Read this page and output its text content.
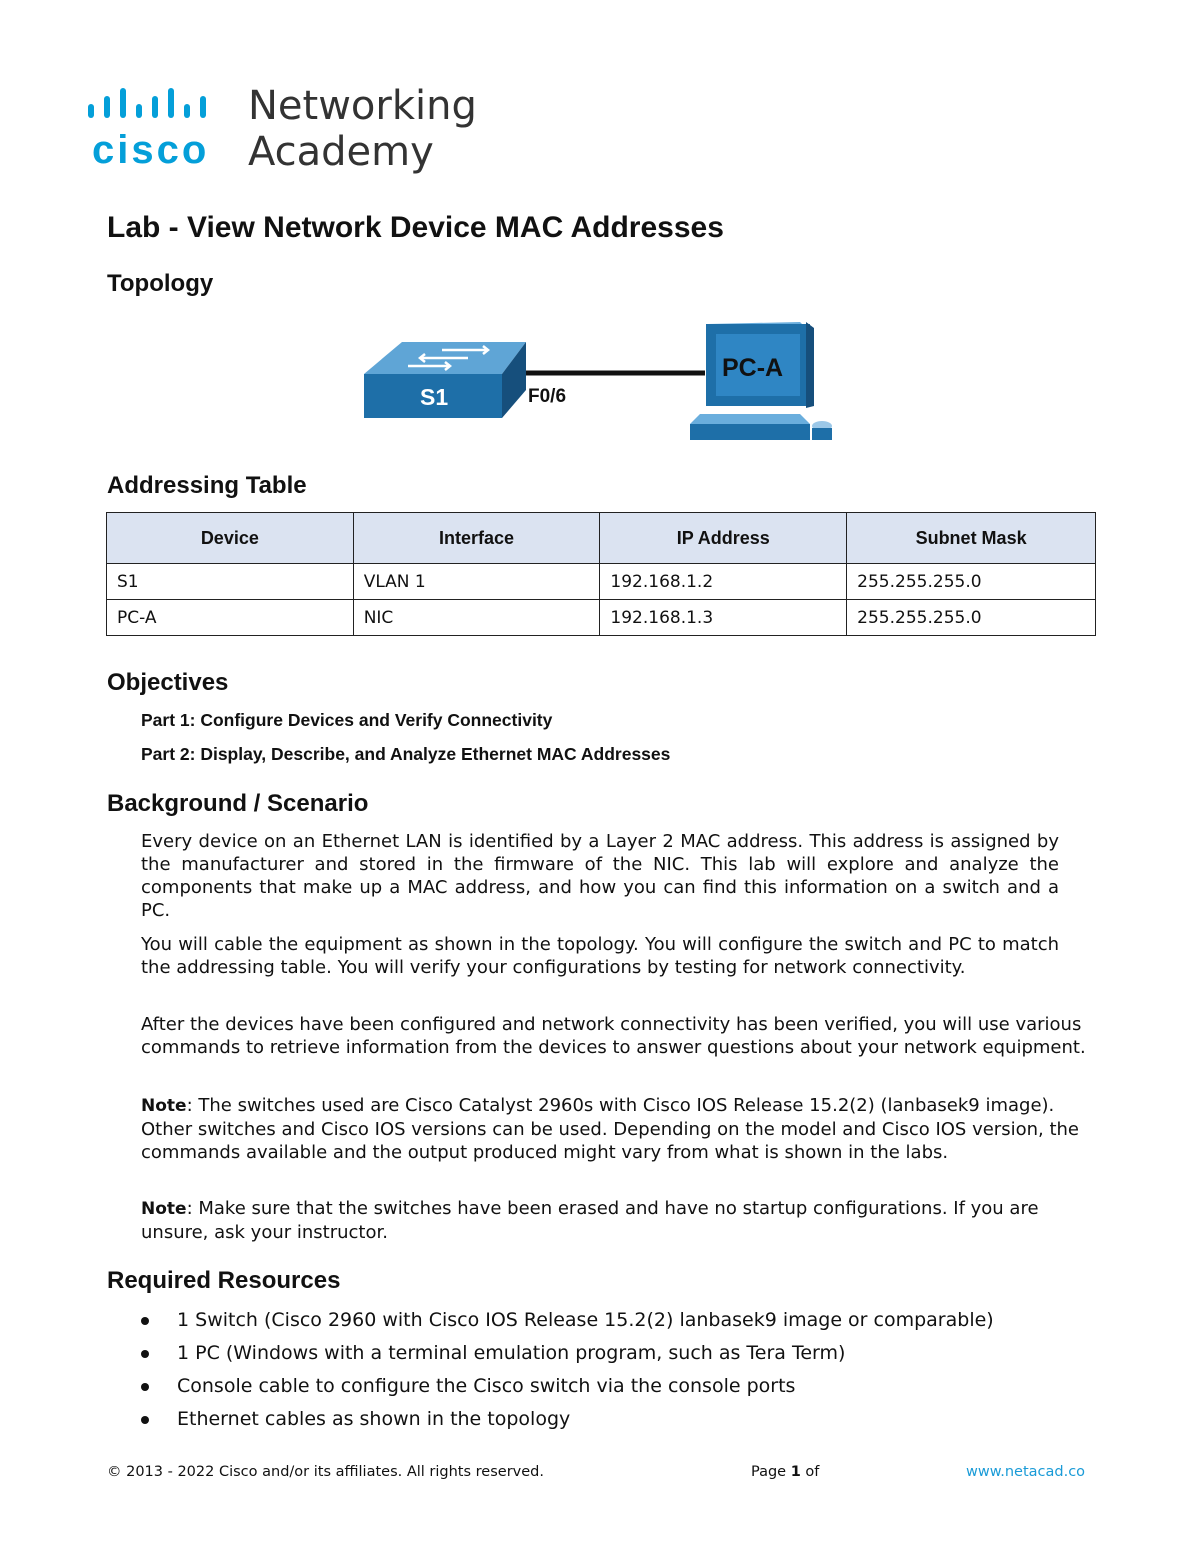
cisco
Networking
Academy
Lab - View Network Device MAC Addresses
Topology
S1	F0/6
PC-A
Addressing Table
Device	Interface	IP Address	Subnet Mask
S1	VLAN 1	192.168.1.2	255.255.255.0
PC-A	NIC	192.168.1.3	255.255.255.0
Objectives
Part 1: Configure Devices and Verify Connectivity
Part 2: Display, Describe, and Analyze Ethernet MAC Addresses
Background / Scenario
Every device on an Ethernet LAN is identified by a Layer 2 MAC address. This address is assigned by the manufacturer and stored in the firmware of the NIC. This lab will explore and analyze the components that make up a MAC address, and how you can find this information on a switch and a PC.
You will cable the equipment as shown in the topology. You will configure the switch and PC to match the addressing table. You will verify your configurations by testing for network connectivity.
After the devices have been configured and network connectivity has been verified, you will use various commands to retrieve information from the devices to answer questions about your network equipment.
Note: The switches used are Cisco Catalyst 2960s with Cisco IOS Release 15.2(2) (lanbasek9 image). Other switches and Cisco IOS versions can be used. Depending on the model and Cisco IOS version, the commands available and the output produced might vary from what is shown in the labs.
Note: Make sure that the switches have been erased and have no startup configurations. If you are unsure, ask your instructor.
Required Resources
1 Switch (Cisco 2960 with Cisco IOS Release 15.2(2) lanbasek9 image or comparable)
1 PC (Windows with a terminal emulation program, such as Tera Term)
Console cable to configure the Cisco switch via the console ports
Ethernet cables as shown in the topology
© 2013 - 2022 Cisco and/or its affiliates. All rights reserved.	Page 1 of	www.netacad.co
